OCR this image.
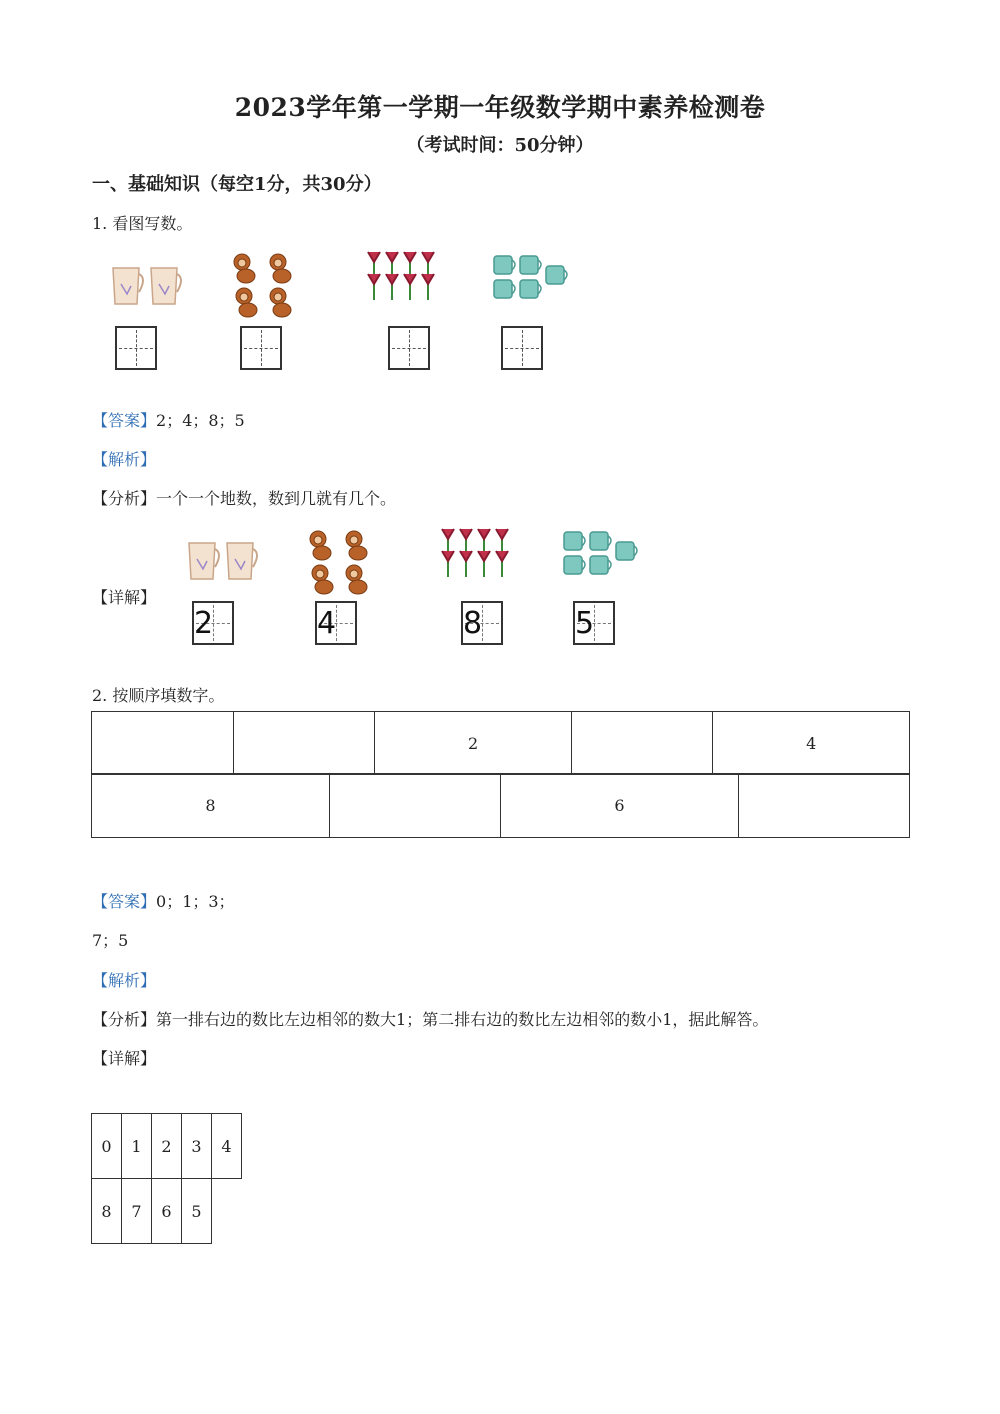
2023学年第一学期一年级数学期中素养检测卷
（考试时间：50分钟）
一、基础知识（每空1分，共30分）
1. 看图写数。
【答案】2；4；8；5
【解析】
【分析】一个一个地数，数到几就有几个。
【详解】
2	4	8	5
2. 按顺序填数字。
		2		4
8		6	
【答案】0；1；3；
7；5
【解析】
【分析】第一排右边的数比左边相邻的数大1；第二排右边的数比左边相邻的数小1，据此解答。
【详解】
0	1	2	3	4
8	7	6	5	
